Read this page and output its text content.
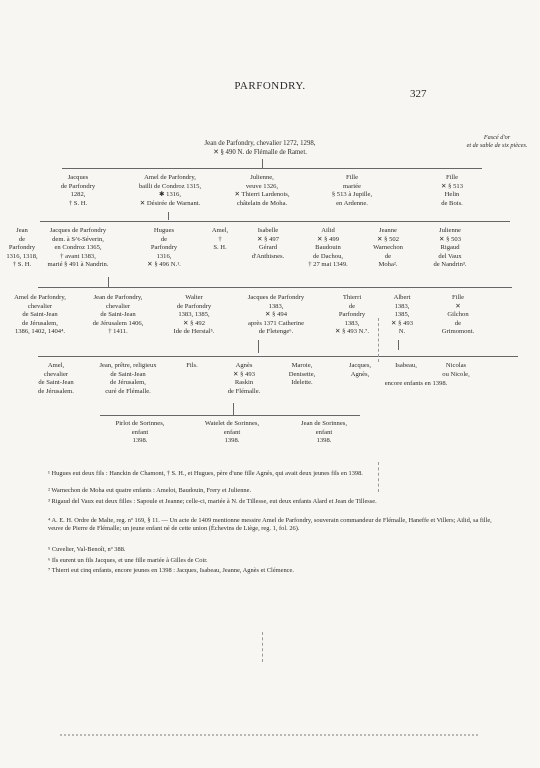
PARFONDRY.
327
Fascé d'or
et de sable de six pièces.
Jean de Parfondry, chevalier 1272, 1298,
✕ § 490 N. de Flémalle de Ramet.
Jacques
de Parfondry
1282,
† S. H.
Amel de Parfondry,
bailli de Condroz 1315,
✱ 1316,
✕ Désirée de Warnant.
Julienne,
veuve 1326,
✕ Thierri Lardenois,
châtelain de Moha.
Fille
mariée
§ 513 à Jupille,
en Ardenne.
Fille
✕ § 513
Helin
de Bois.
Jean
de
Parfondry
1316, 1318,
† S. H.
Jacques de Parfondry
dem. à S^t-Séverin,
en Condroz 1365,
† avant 1383,
marié § 491 à Nandrin.
Hugues
de
Parfondry
1316,
✕ § 496 N.¹.
Amel,
†
S. H.
Isabelle
✕ § 497
Gérard
d'Anthisnes.
Ailid
✕ § 499
Baudouin
de Dachou,
† 27 mai 1349.
Jeanne
✕ § 502
Warnechon
de
Moha².
Julienne
✕ § 503
Rigaud
del Vaux
de Nandrin³.
Amel de Parfondry,
chevalier
de Saint-Jean
de Jérusalem,
1386, 1402, 1404⁴.
Jean de Parfondry,
chevalier
de Saint-Jean
de Jérusalem 1406,
† 1411.
Walter
de Parfondry
1383, 1385,
✕ § 492
Ide de Herstal⁵.
Jacques de Parfondry
1383,
✕ § 494
après 1371 Catherine
de Fletenge⁶.
Thierri
de
Parfondry
1383,
✕ § 493 N.⁷.
Albert
1383,
1385,
✕ § 493
N.
Fille
✕
Gilchon
de
Grimomont.
Amel,
chevalier
de Saint-Jean
de Jérusalem.
Jean, prêtre, religieux
de Saint-Jean
de Jérusalem,
curé de Flémalle.
Fils.	Agnès
✕ § 493
Raskin
de Flémalle.
Maroie,
Denisette,
Idelette.
Jacques,
Agnès,
Isabeau,	Nicolas
ou Nicole,
encore enfants en 1398.
Pirlot de Sorinnes,
enfant
1398.
Watelet de Sorinnes,
enfant
1398.
Jean de Sorinnes,
enfant
1398.
¹ Hugues eut deux fils : Hanckin de Chamont, † S. H., et Hugues, père d'une fille Agnès, qui avait deux jeunes fils en 1398.
² Warnechon de Moha eut quatre enfants : Amelot, Baudouin, Frery et Julienne.
³ Rigaud del Vaux eut deux filles : Sapoule et Jeanne; celle-ci, mariée à N. de Tillesse, eut deux enfants Alard et Jean de Tillesse.
⁴ A. E. H. Ordre de Malte, reg. nº 169, § 11. — Un acte de 1409 mentionne messire Amel de Parfondry, souverain commandeur de Flémalle, Haneffe et Villers; Ailid, sa fille, veuve de Pierre de Flémalle; un jeune enfant né de cette union (Échevins de Liège, reg. 1, fol. 26).
⁵ Cuvelier, Val-Benoît, nº 388.
⁶ Ils eurent un fils Jacques, et une fille mariée à Gilles de Coir.
⁷ Thierri eut cinq enfants, encore jeunes en 1398 : Jacques, Isabeau, Jeanne, Agnès et Clémence.
